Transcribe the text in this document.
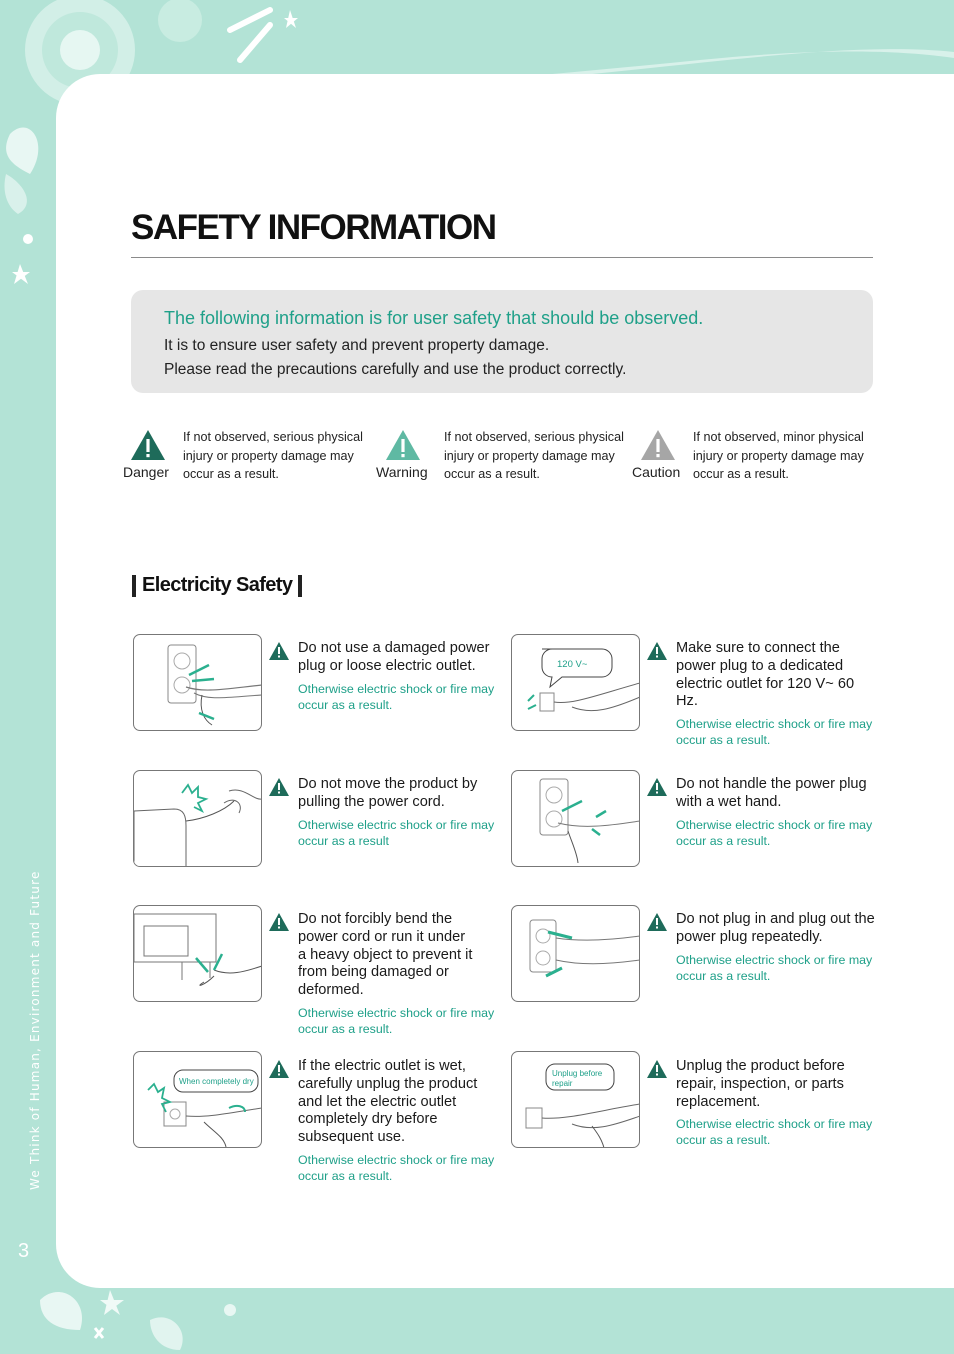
We Think of Human, Environment and Future
3
SAFETY INFORMATION
The following information is for user safety that should be observed.
It is to ensure user safety and prevent property damage.
Please read the precautions carefully and use the product correctly.
Danger
If not observed, serious physical injury or property damage may occur as a result.	Warning
If not observed, serious physical injury or property damage may occur as a result.	Caution
If not observed, minor physical injury or property damage may occur as a result.
Electricity Safety
Do not use a damaged power plug or loose electric outlet.
Otherwise electric shock or fire may occur as a result.
120 V~
Make sure to connect the power plug to a dedicated electric outlet for 120 V~ 60 Hz.
Otherwise electric shock or fire may occur as a result.
Do not move the product by pulling the power cord.
Otherwise electric shock or fire may occur as a result
Do not handle the power plug with a wet hand.
Otherwise electric shock or fire may occur as a result.
Do not forcibly bend the power cord or run it under a heavy object to prevent it from being damaged or deformed.
Otherwise electric shock or fire may occur as a result.
Do not plug in and plug out the power plug repeatedly.
Otherwise electric shock or fire may occur as a result.
When completely dry
If the electric outlet is wet, carefully unplug the product and let the electric outlet completely dry before subsequent use.
Otherwise electric shock or fire may occur as a result.
Unplug before repair
Unplug the product before repair, inspection, or parts replacement.
Otherwise electric shock or fire may occur as a result.
